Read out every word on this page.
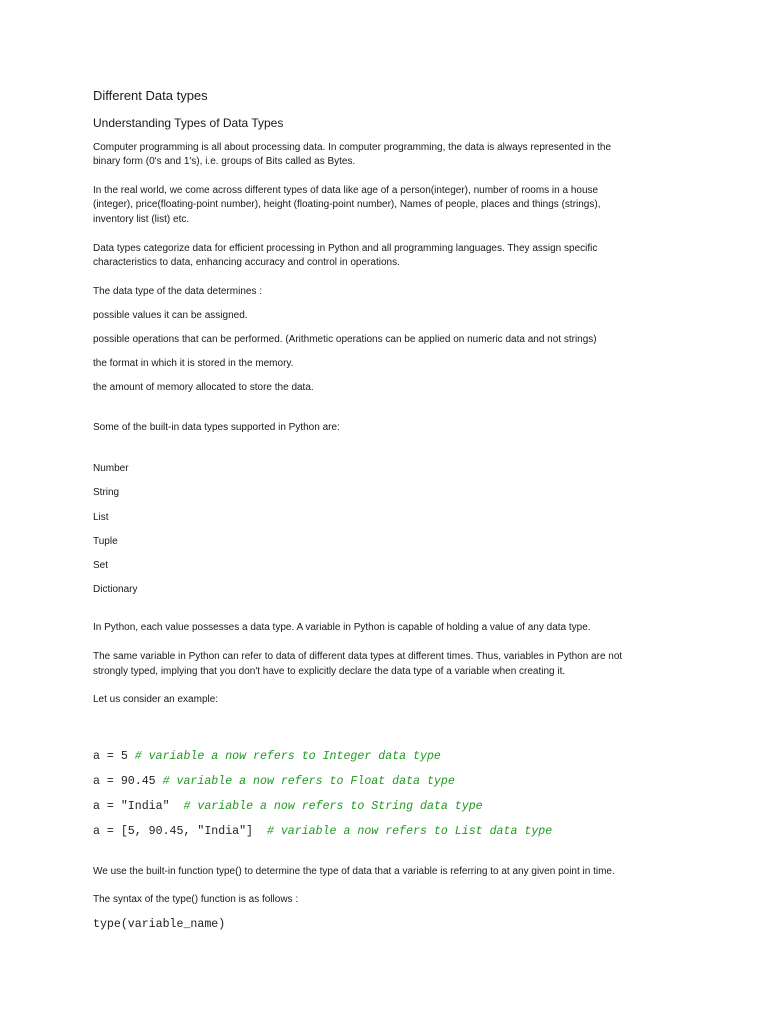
Different Data types
Understanding Types of Data Types
Computer programming is all about processing data. In computer programming, the data is always represented in the
binary form (0's and 1's), i.e. groups of Bits called as Bytes.
In the real world, we come across different types of data like age of a person(integer), number of rooms in a house
(integer), price(floating-point number), height (floating-point number), Names of people, places and things (strings),
inventory list (list) etc.
Data types categorize data for efficient processing in Python and all programming languages. They assign specific
characteristics to data, enhancing accuracy and control in operations.
The data type of the data determines :
possible values it can be assigned.
possible operations that can be performed. (Arithmetic operations can be applied on numeric data and not strings)
the format in which it is stored in the memory.
the amount of memory allocated to store the data.
Some of the built-in data types supported in Python are:
Number
String
List
Tuple
Set
Dictionary
In Python, each value possesses a data type. A variable in Python is capable of holding a value of any data type.
The same variable in Python can refer to data of different data types at different times. Thus, variables in Python are not
strongly typed, implying that you don't have to explicitly declare the data type of a variable when creating it.
Let us consider an example:
a = 5 # variable a now refers to Integer data type
a = 90.45 # variable a now refers to Float data type
a = "India"  # variable a now refers to String data type
a = [5, 90.45, "India"]  # variable a now refers to List data type
We use the built-in function type() to determine the type of data that a variable is referring to at any given point in time.
The syntax of the type() function is as follows :
type(variable_name)
